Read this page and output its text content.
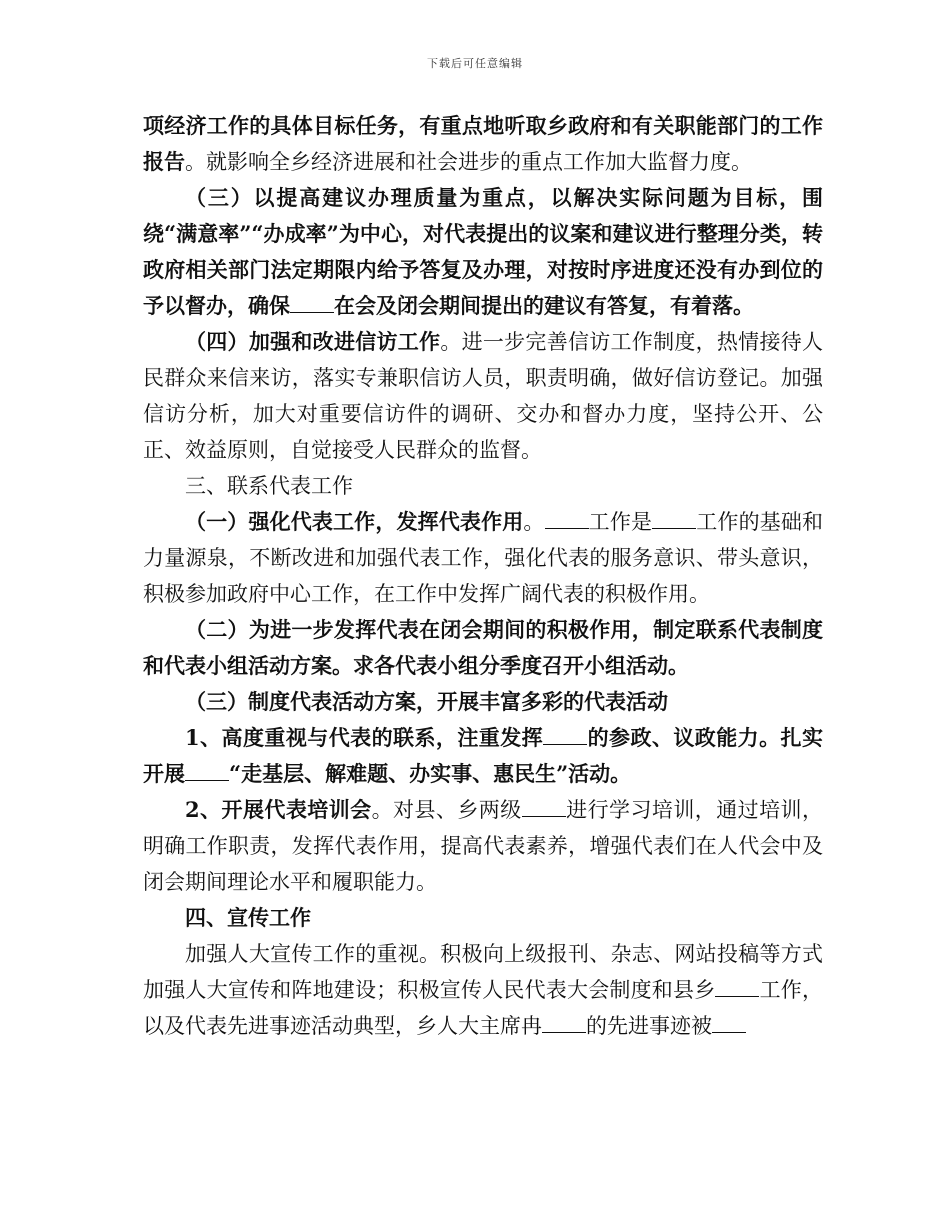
下载后可任意编辑

项经济工作的具体目标任务，有重点地听取乡政府和有关职能部门的工作报告。就影响全乡经济进展和社会进步的重点工作加大监督力度。

（三）以提高建议办理质量为重点，以解决实际问题为目标，围绕“满意率”“办成率”为中心，对代表提出的议案和建议进行整理分类，转政府相关部门法定期限内给予答复及办理，对按时序进度还没有办到位的予以督办，确保 在会及闭会期间提出的建议有答复，有着落。

（四）加强和改进信访工作。进一步完善信访工作制度，热情接待人民群众来信来访，落实专兼职信访人员，职责明确，做好信访登记。加强信访分析，加大对重要信访件的调研、交办和督办力度，坚持公开、公正、效益原则，自觉接受人民群众的监督。

三、联系代表工作

（一）强化代表工作，发挥代表作用。 工作是 工作的基础和力量源泉，不断改进和加强代表工作，强化代表的服务意识、带头意识，积极参加政府中心工作，在工作中发挥广阔代表的积极作用。

（二）为进一步发挥代表在闭会期间的积极作用，制定联系代表制度和代表小组活动方案。求各代表小组分季度召开小组活动。

（三）制度代表活动方案，开展丰富多彩的代表活动

1、高度重视与代表的联系，注重发挥 的参政、议政能力。扎实开展 “走基层、解难题、办实事、惠民生”活动。

2、开展代表培训会。对县、乡两级 进行学习培训，通过培训，明确工作职责，发挥代表作用，提高代表素养，增强代表们在人代会中及闭会期间理论水平和履职能力。

四、宣传工作

加强人大宣传工作的重视。积极向上级报刊、杂志、网站投稿等方式加强人大宣传和阵地建设；积极宣传人民代表大会制度和县乡 工作，以及代表先进事迹活动典型，乡人大主席冉 的先进事迹被
